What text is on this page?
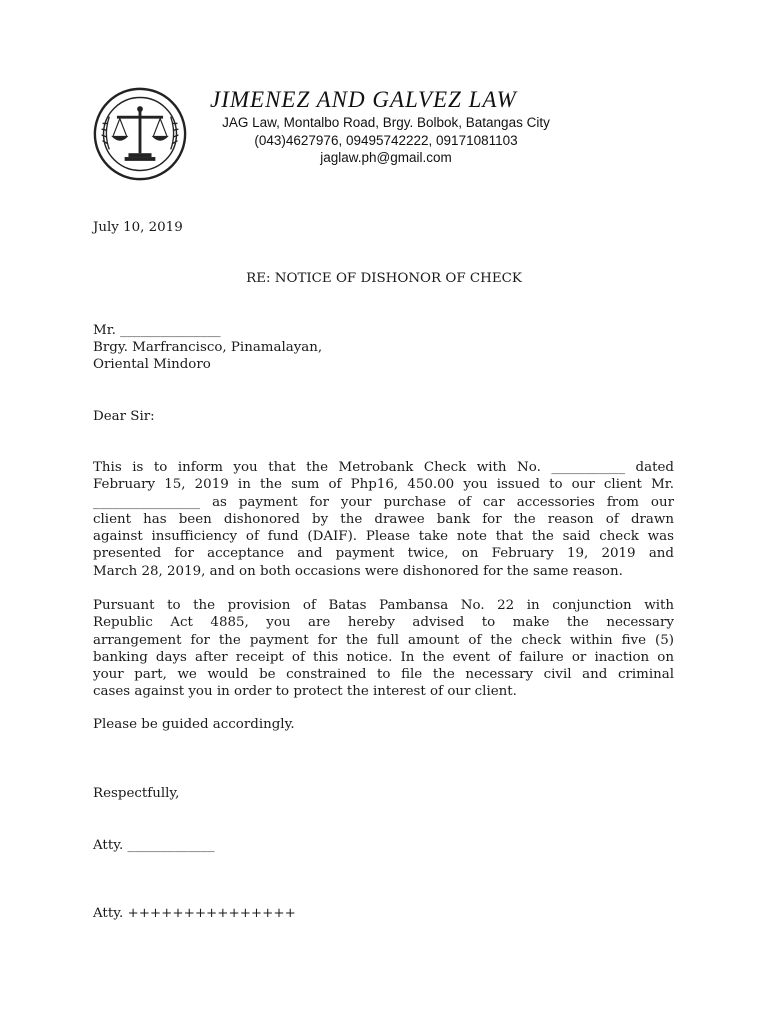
JIMENEZ AND GALVEZ LAW
JAG Law, Montalbo Road, Brgy. Bolbok, Batangas City
(043)4627976, 09495742222, 09171081103
jaglaw.ph@gmail.com
July 10, 2019
RE: NOTICE OF DISHONOR OF CHECK
Mr. _______________
Brgy. Marfrancisco, Pinamalayan,
Oriental Mindoro
Dear Sir:
This is to inform you that the Metrobank Check with No. ___________ dated
February 15, 2019 in the sum of Php16, 450.00 you issued to our client Mr.
________________ as payment for your purchase of car accessories from our
client has been dishonored by the drawee bank for the reason of drawn
against insufficiency of fund (DAIF). Please take note that the said check was
presented for acceptance and payment twice, on February 19, 2019 and
March 28, 2019, and on both occasions were dishonored for the same reason.
Pursuant to the provision of Batas Pambansa No. 22 in conjunction with
Republic Act 4885, you are hereby advised to make the necessary
arrangement for the payment for the full amount of the check within five (5)
banking days after receipt of this notice. In the event of failure or inaction on
your part, we would be constrained to file the necessary civil and criminal
cases against you in order to protect the interest of our client.
Please be guided accordingly.
Respectfully,
Atty. _____________
Atty. +++++++++++++++
